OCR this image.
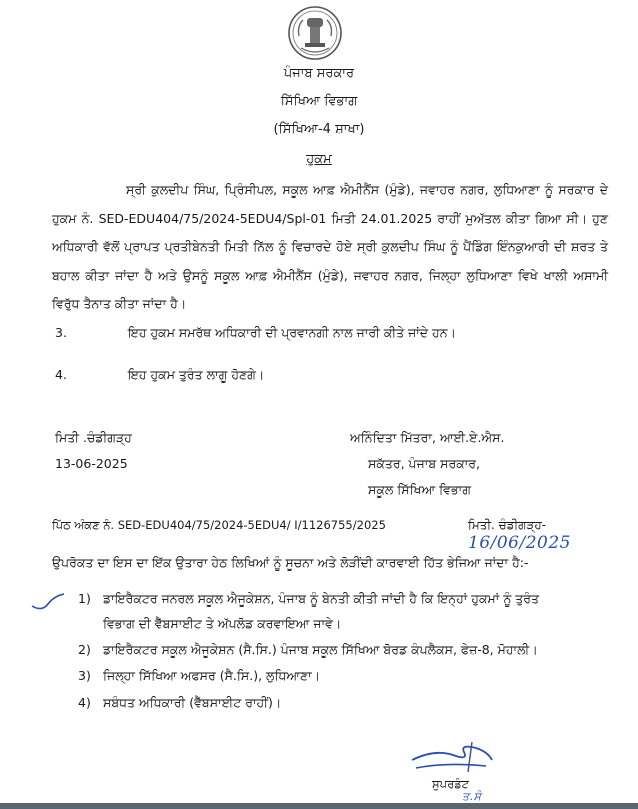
ਪੰਜਾਬ ਸਰਕਾਰ
ਸਿੱਖਿਆ ਵਿਭਾਗ
(ਸਿੱਖਿਆ-4 ਸ਼ਾਖਾ)
ਹੁਕਮ

ਸ੍ਰੀ ਕੁਲਦੀਪ ਸਿੰਘ, ਪ੍ਰਿੰਸੀਪਲ, ਸਕੂਲ ਆਫ਼ ਐਮੀਨੈਂਸ (ਮੁੰਡੇ), ਜਵਾਹਰ ਨਗਰ, ਲੁਧਿਆਣਾ ਨੂੰ ਸਰਕਾਰ ਦੇ ਹੁਕਮ ਨੰ. SED-EDU404/75/2024-5EDU4/Spl-01 ਮਿਤੀ 24.01.2025 ਰਾਹੀਂ ਮੁਅੱਤਲ ਕੀਤਾ ਗਿਆ ਸੀ। ਹੁਣ ਅਧਿਕਾਰੀ ਵੱਲੋਂ ਪ੍ਰਾਪਤ ਪ੍ਰਤੀਬੇਨਤੀ ਮਿਤੀ ਨਿੱਲ ਨੂੰ ਵਿਚਾਰਦੇ ਹੋਏ ਸ੍ਰੀ ਕੁਲਦੀਪ ਸਿੰਘ ਨੂੰ ਪੈਂਡਿੰਗ ਇੰਨਕੁਆਰੀ ਦੀ ਸ਼ਰਤ ਤੇ ਬਹਾਲ ਕੀਤਾ ਜਾਂਦਾ ਹੈ ਅਤੇ ਉਸਨੂੰ ਸਕੂਲ ਆਫ਼ ਐਮੀਨੈਂਸ (ਮੁੰਡੇ), ਜਵਾਹਰ ਨਗਰ, ਜਿਲ੍ਹਾ ਲੁਧਿਆਣਾ ਵਿਖੇ ਖਾਲੀ ਅਸਾਮੀ ਵਿਰੁੱਧ ਤੈਨਾਤ ਕੀਤਾ ਜਾਂਦਾ ਹੈ।

3.	ਇਹ ਹੁਕਮ ਸਮਰੱਥ ਅਧਿਕਾਰੀ ਦੀ ਪ੍ਰਵਾਨਗੀ ਨਾਲ ਜਾਰੀ ਕੀਤੇ ਜਾਂਦੇ ਹਨ।
4.	ਇਹ ਹੁਕਮ ਤੁਰੰਤ ਲਾਗੂ ਹੋਣਗੇ।
ਮਿਤੀ .ਚੰਡੀਗੜ੍ਹ
13-06-2025
ਅਨਿੰਦਿਤਾ ਮਿੱਤਰਾ, ਆਈ.ਏ.ਐਸ.
ਸਕੱਤਰ, ਪੰਜਾਬ ਸਰਕਾਰ,
ਸਕੂਲ ਸਿੱਖਿਆ ਵਿਭਾਗ
ਪਿੱਠ ਅੰਕਣ ਨੰ. SED-EDU404/75/2024-5EDU4/ I/1126755/2025	ਮਿਤੀ. ਚੰਡੀਗੜ੍ਹ- 16/06/2025
ਉਪਰੋਕਤ ਦਾ ਇਸ ਦਾ ਇੱਕ ਉਤਾਰਾ ਹੇਠ ਲਿਖਿਆਂ ਨੂੰ ਸੂਚਨਾ ਅਤੇ ਲੋੜੀਂਦੀ ਕਾਰਵਾਈ ਹਿੱਤ ਭੇਜਿਆ ਜਾਂਦਾ ਹੈ:-
1) ਡਾਇਰੈਕਟਰ ਜਨਰਲ ਸਕੂਲ ਐਜੂਕੇਸ਼ਨ, ਪੰਜਾਬ ਨੂੰ ਬੇਨਤੀ ਕੀਤੀ ਜਾਂਦੀ ਹੈ ਕਿ ਇਨ੍ਹਾਂ ਹੁਕਮਾਂ ਨੂੰ ਤੁਰੰਤ
ਵਿਭਾਗ ਦੀ ਵੈੱਬਸਾਈਟ ਤੇ ਅੱਪਲੋਡ ਕਰਵਾਇਆ ਜਾਵੇ।
2) ਡਾਇਰੈਕਟਰ ਸਕੂਲ ਐਜੂਕੇਸ਼ਨ (ਸੈ.ਸਿ.) ਪੰਜਾਬ ਸਕੂਲ ਸਿੱਖਿਆ ਬੋਰਡ ਕੰਪਲੈਕਸ, ਫੇਜ਼-8, ਮੋਹਾਲੀ।
3) ਜਿਲ੍ਹਾ ਸਿੱਖਿਆ ਅਫਸਰ (ਸੈ.ਸਿ.), ਲੁਧਿਆਣਾ।
4) ਸਬੰਧਤ ਅਧਿਕਾਰੀ (ਵੈੱਬਸਾਈਟ ਰਾਹੀਂ)।
ਸੁਪਰਡੰਟ
ਤ.ਸੰ
